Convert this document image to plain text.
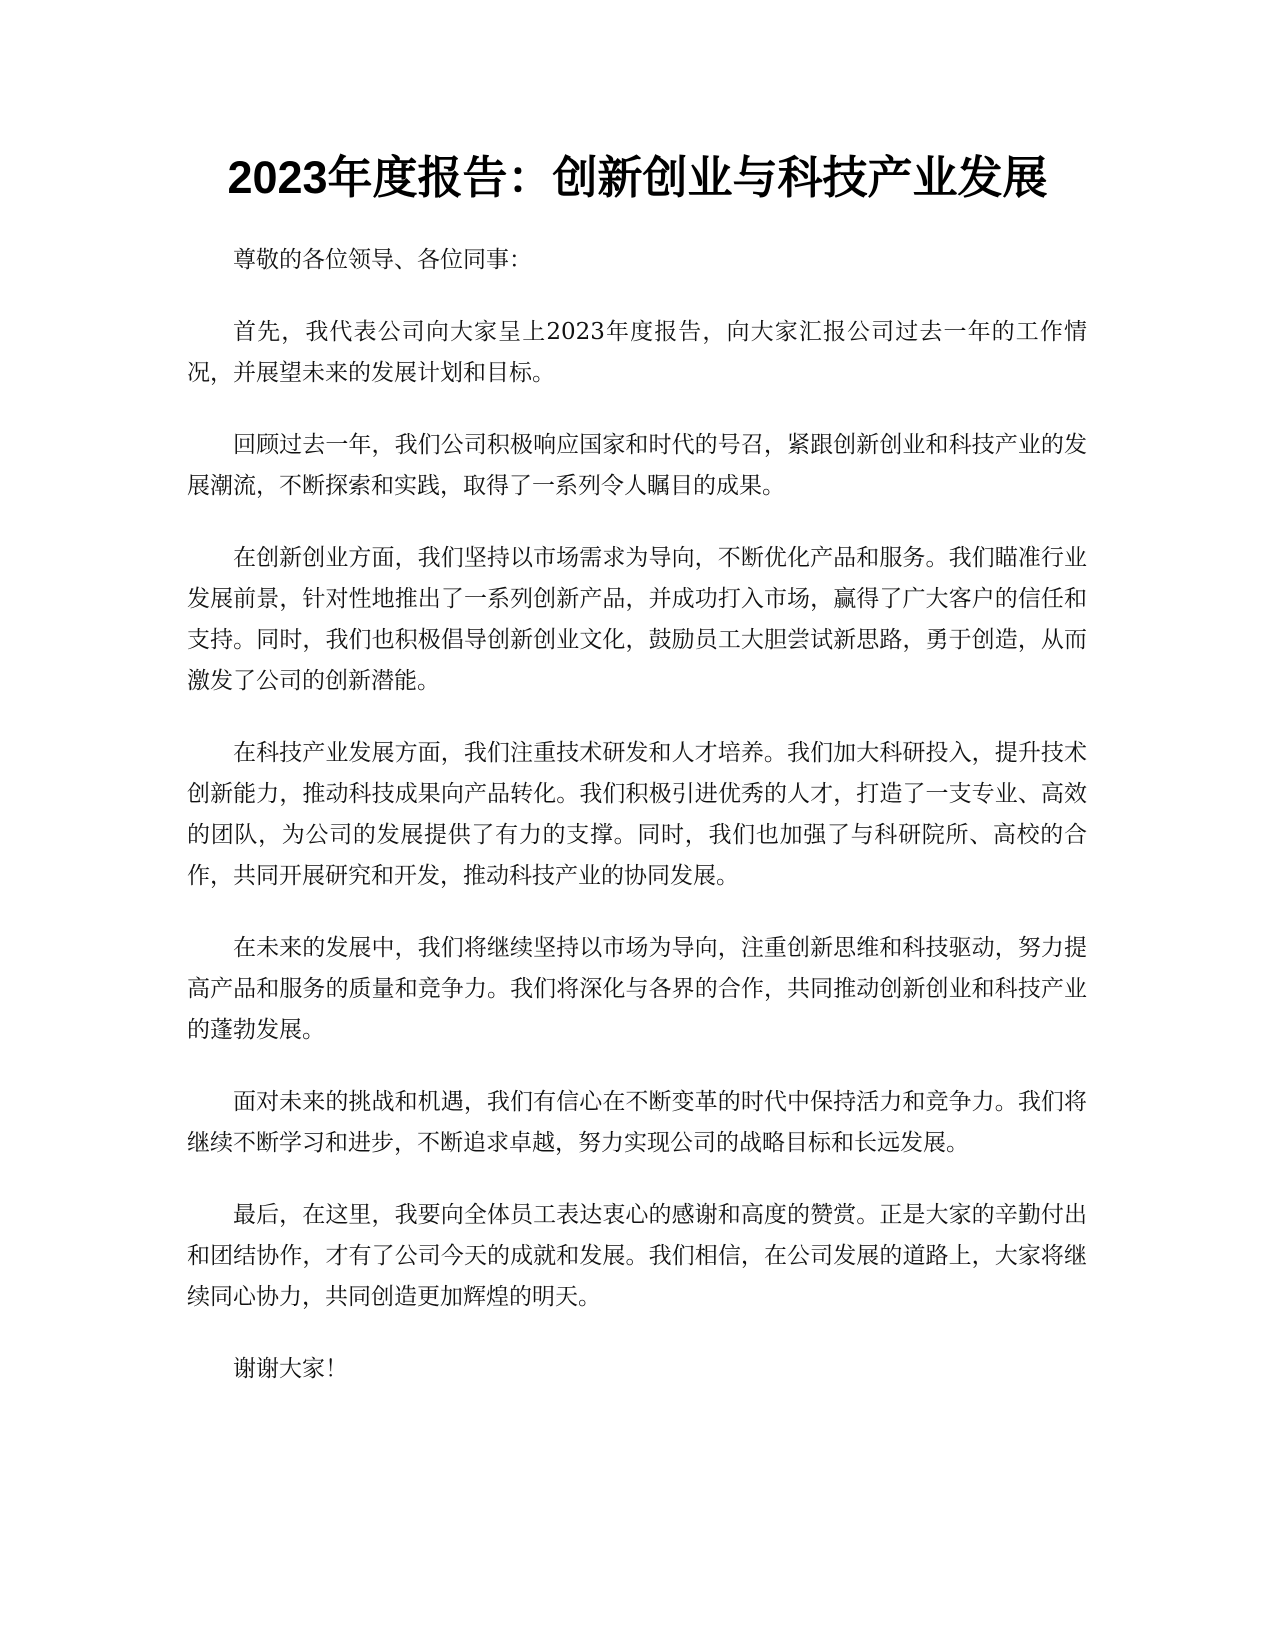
2023年度报告：创新创业与科技产业发展

尊敬的各位领导、各位同事：

首先，我代表公司向大家呈上2023年度报告，向大家汇报公司过去一年的工作情况，并展望未来的发展计划和目标。

回顾过去一年，我们公司积极响应国家和时代的号召，紧跟创新创业和科技产业的发展潮流，不断探索和实践，取得了一系列令人瞩目的成果。

在创新创业方面，我们坚持以市场需求为导向，不断优化产品和服务。我们瞄准行业发展前景，针对性地推出了一系列创新产品，并成功打入市场，赢得了广大客户的信任和支持。同时，我们也积极倡导创新创业文化，鼓励员工大胆尝试新思路，勇于创造，从而激发了公司的创新潜能。

在科技产业发展方面，我们注重技术研发和人才培养。我们加大科研投入，提升技术创新能力，推动科技成果向产品转化。我们积极引进优秀的人才，打造了一支专业、高效的团队，为公司的发展提供了有力的支撑。同时，我们也加强了与科研院所、高校的合作，共同开展研究和开发，推动科技产业的协同发展。

在未来的发展中，我们将继续坚持以市场为导向，注重创新思维和科技驱动，努力提高产品和服务的质量和竞争力。我们将深化与各界的合作，共同推动创新创业和科技产业的蓬勃发展。

面对未来的挑战和机遇，我们有信心在不断变革的时代中保持活力和竞争力。我们将继续不断学习和进步，不断追求卓越，努力实现公司的战略目标和长远发展。

最后，在这里，我要向全体员工表达衷心的感谢和高度的赞赏。正是大家的辛勤付出和团结协作，才有了公司今天的成就和发展。我们相信，在公司发展的道路上，大家将继续同心协力，共同创造更加辉煌的明天。

谢谢大家！
